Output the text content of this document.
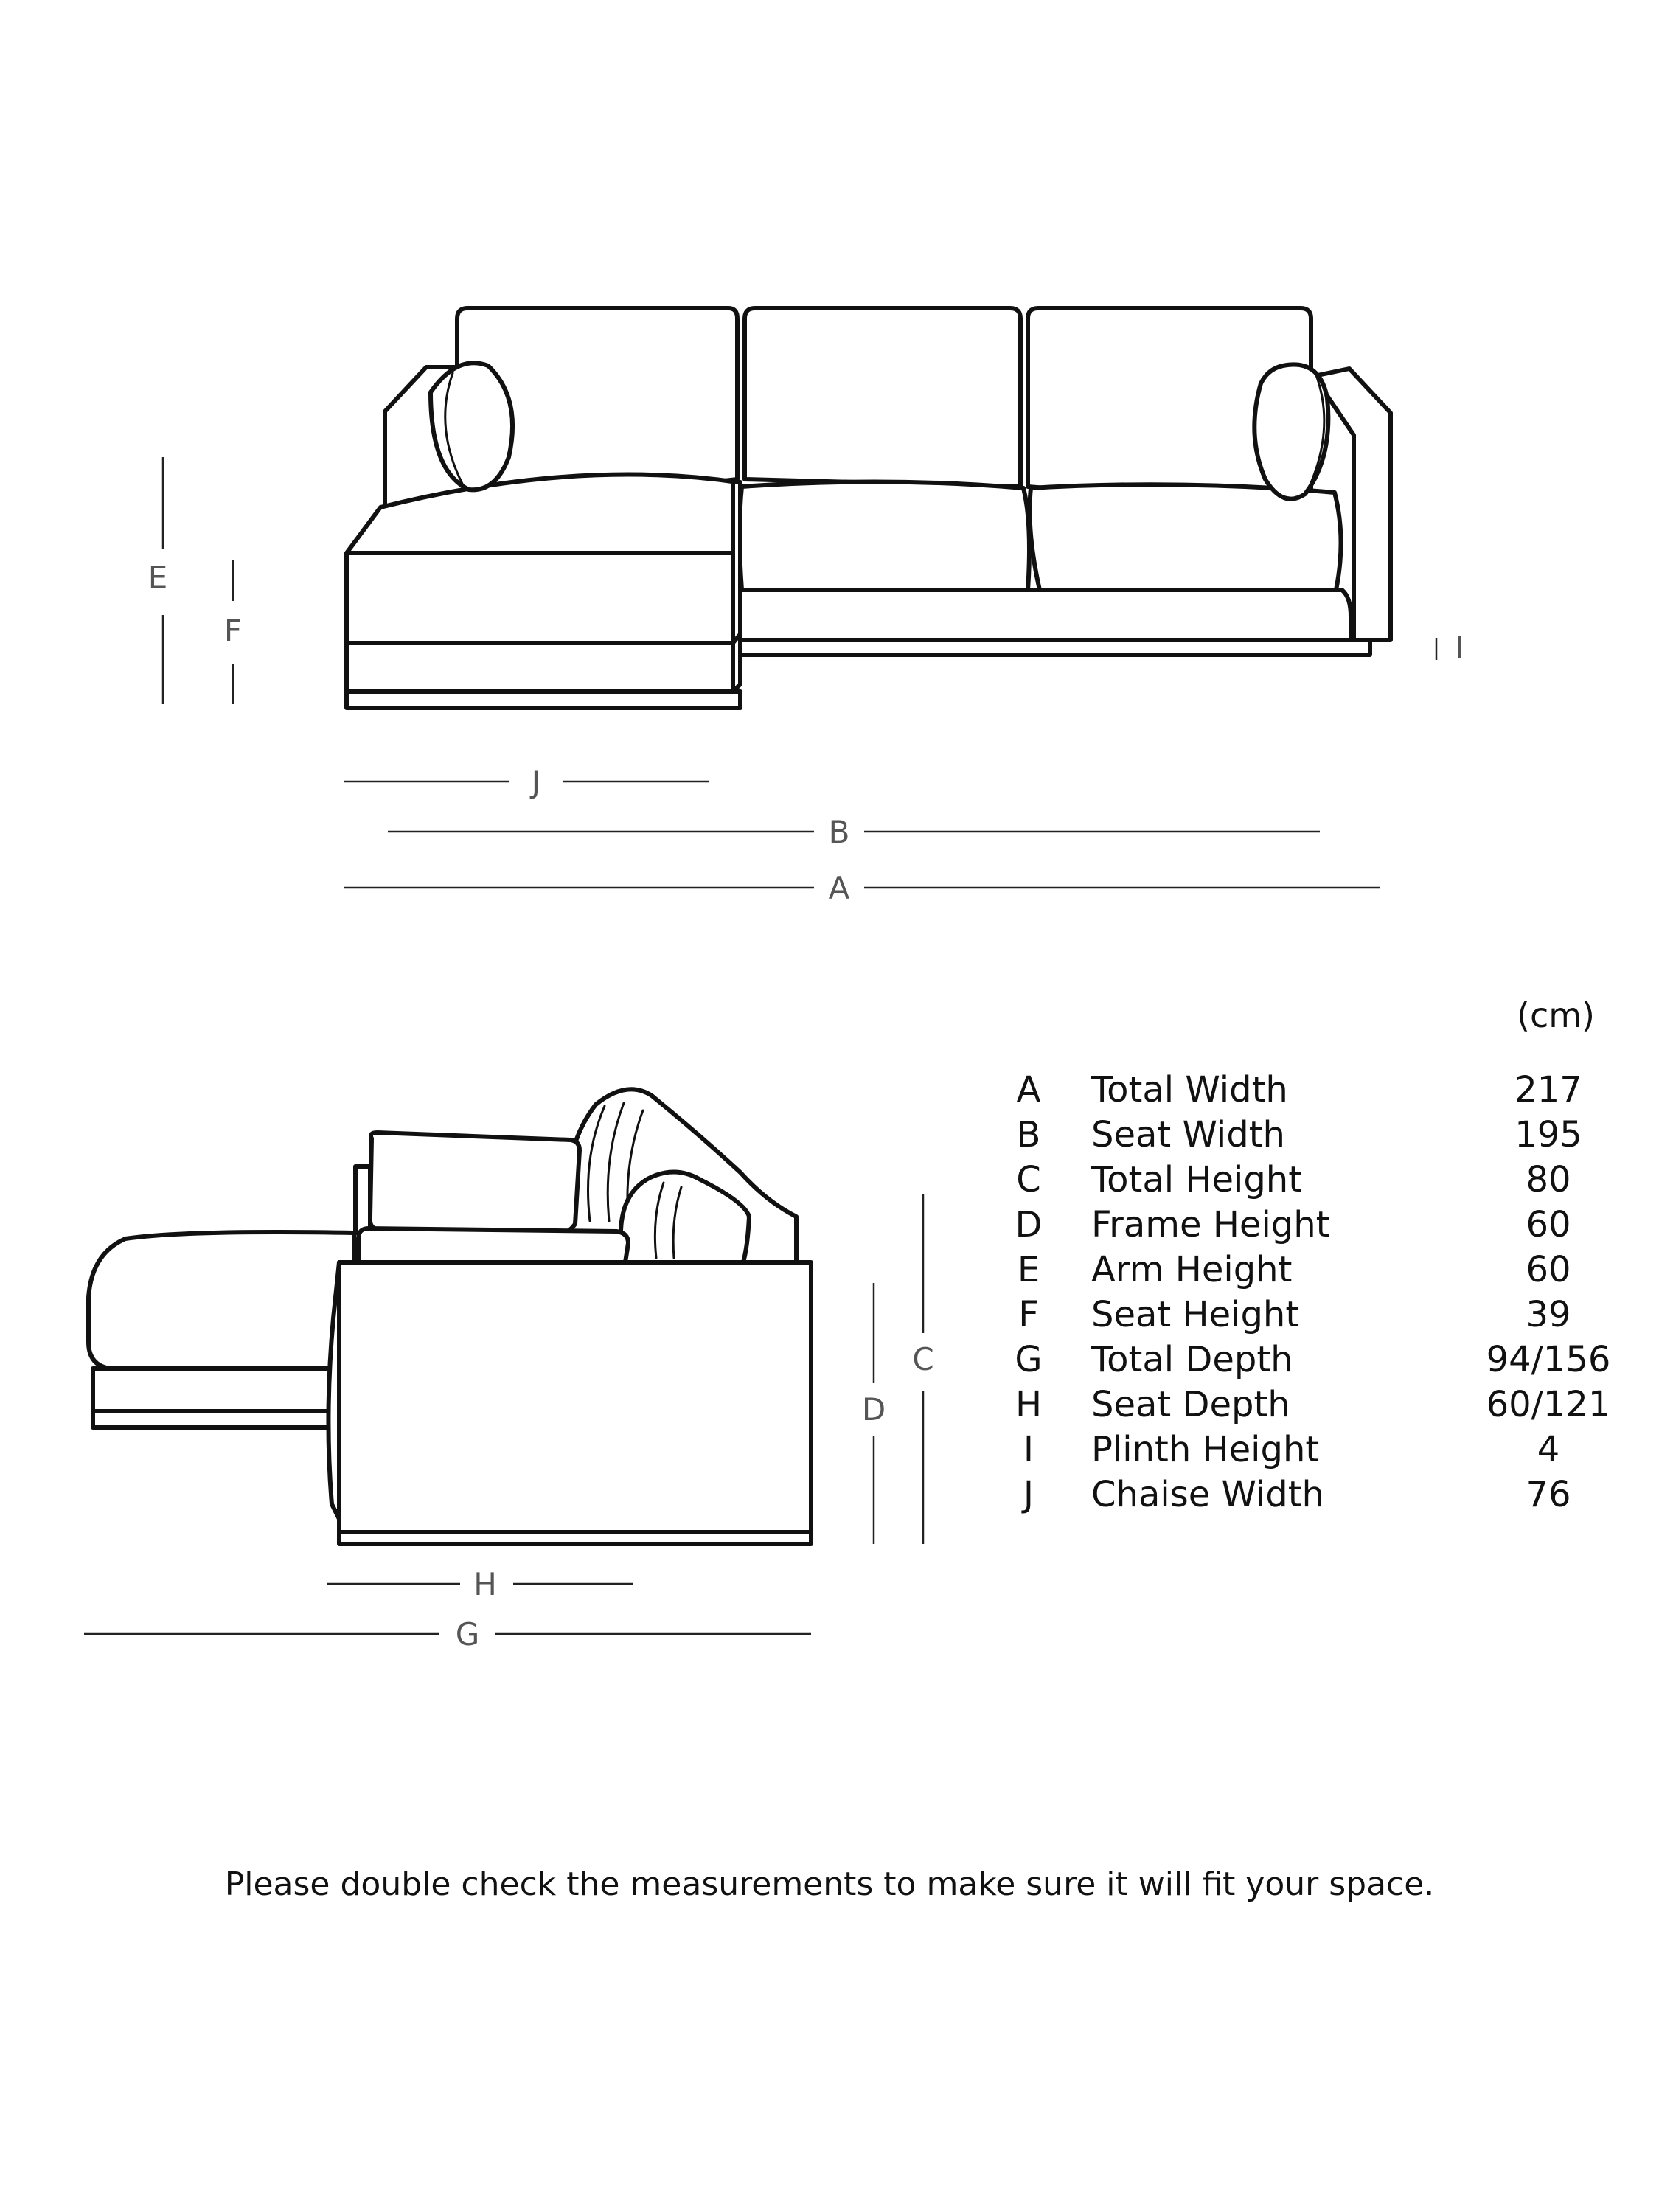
E
F	I
J
B
A
C
D
H
G
(cm)
A Total Width	217
B Seat Width	195
C Total Height	80
D Frame Height	60
E Arm Height	60
F Seat Height	39
G Total Depth	94/156
H Seat Depth	60/121
I	Plinth Height	4
J	Chaise Width	76
Please double check the measurements to make sure it will fit your space.
